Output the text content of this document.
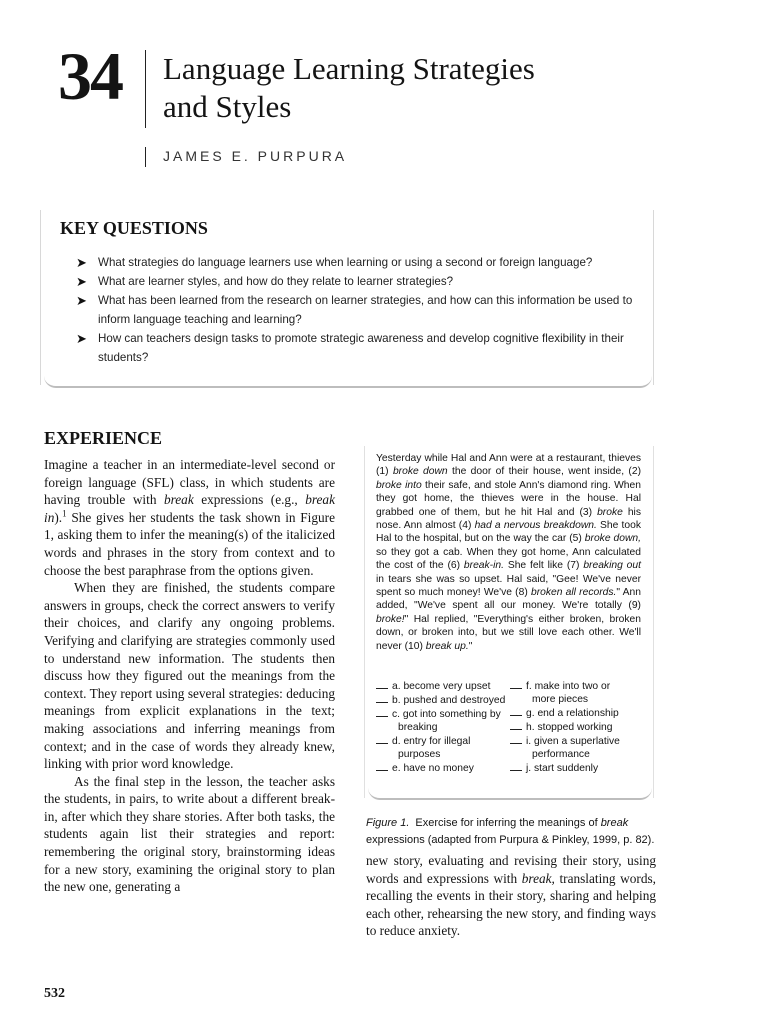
34 Language Learning Strategies
and Styles
JAMES E. PURPURA
KEY QUESTIONS
➤ What strategies do language learners use when learning or using a second or foreign language?
➤ What are learner styles, and how do they relate to learner strategies?
➤ What has been learned from the research on learner strategies, and how can this information be used to inform language teaching and learning?
➤ How can teachers design tasks to promote strategic awareness and develop cognitive flexibility in their students?
EXPERIENCE

Imagine a teacher in an intermediate-level second or foreign language (SFL) class, in which students are having trouble with break expressions (e.g., break in).$^1$ She gives her students the task shown in Figure 1, asking them to infer the meaning(s) of the italicized words and phrases in the story from context and to choose the best paraphrase from the options given.

When they are finished, the students compare answers in groups, check the correct answers to verify their choices, and clarify any ongoing problems. Verifying and clarifying are strategies commonly used to understand new information. The students then discuss how they figured out the meanings from the context. They report using several strategies: deducing meanings from explicit explanations in the text; making associations and inferring meanings from context; and in the case of words they already knew, linking with prior word knowledge.

As the final step in the lesson, the teacher asks the students, in pairs, to write about a different break-in, after which they share stories. After both tasks, the students again list their strategies and report: remembering the original story, brainstorming ideas for a new story, examining the original story to plan the new one, generating a

Yesterday while Hal and Ann were at a restaurant, thieves (1) broke down the door of their house, went inside, (2) broke into their safe, and stole Ann's diamond ring. When they got home, the thieves were in the house. Hal grabbed one of them, but he hit Hal and (3) broke his nose. Ann almost (4) had a nervous breakdown. She took Hal to the hospital, but on the way the car (5) broke down, so they got a cab. When they got home, Ann calculated the cost of the (6) break-in. She felt like (7) breaking out in tears she was so upset. Hal said, "Gee! We've never spent so much money! We've (8) broken all records." Ann added, "We've spent all our money. We're totally (9) broke!" Hal replied, "Everything's either broken, broken down, or broken into, but we still love each other. We'll never (10) break up."
a. become very upset
b. pushed and destroyed
c. got into something by
breaking
d. entry for illegal
purposes
e. have no money
f. make into two or
more pieces
g. end a relationship
h. stopped working
i. given a superlative
performance
j. start suddenly
Figure 1. Exercise for inferring the meanings of break expressions (adapted from Purpura & Pinkley, 1999, p. 82).

new story, evaluating and revising their story, using words and expressions with break, translating words, recalling the events in their story, sharing and helping each other, rehearsing the new story, and finding ways to reduce anxiety.

532
